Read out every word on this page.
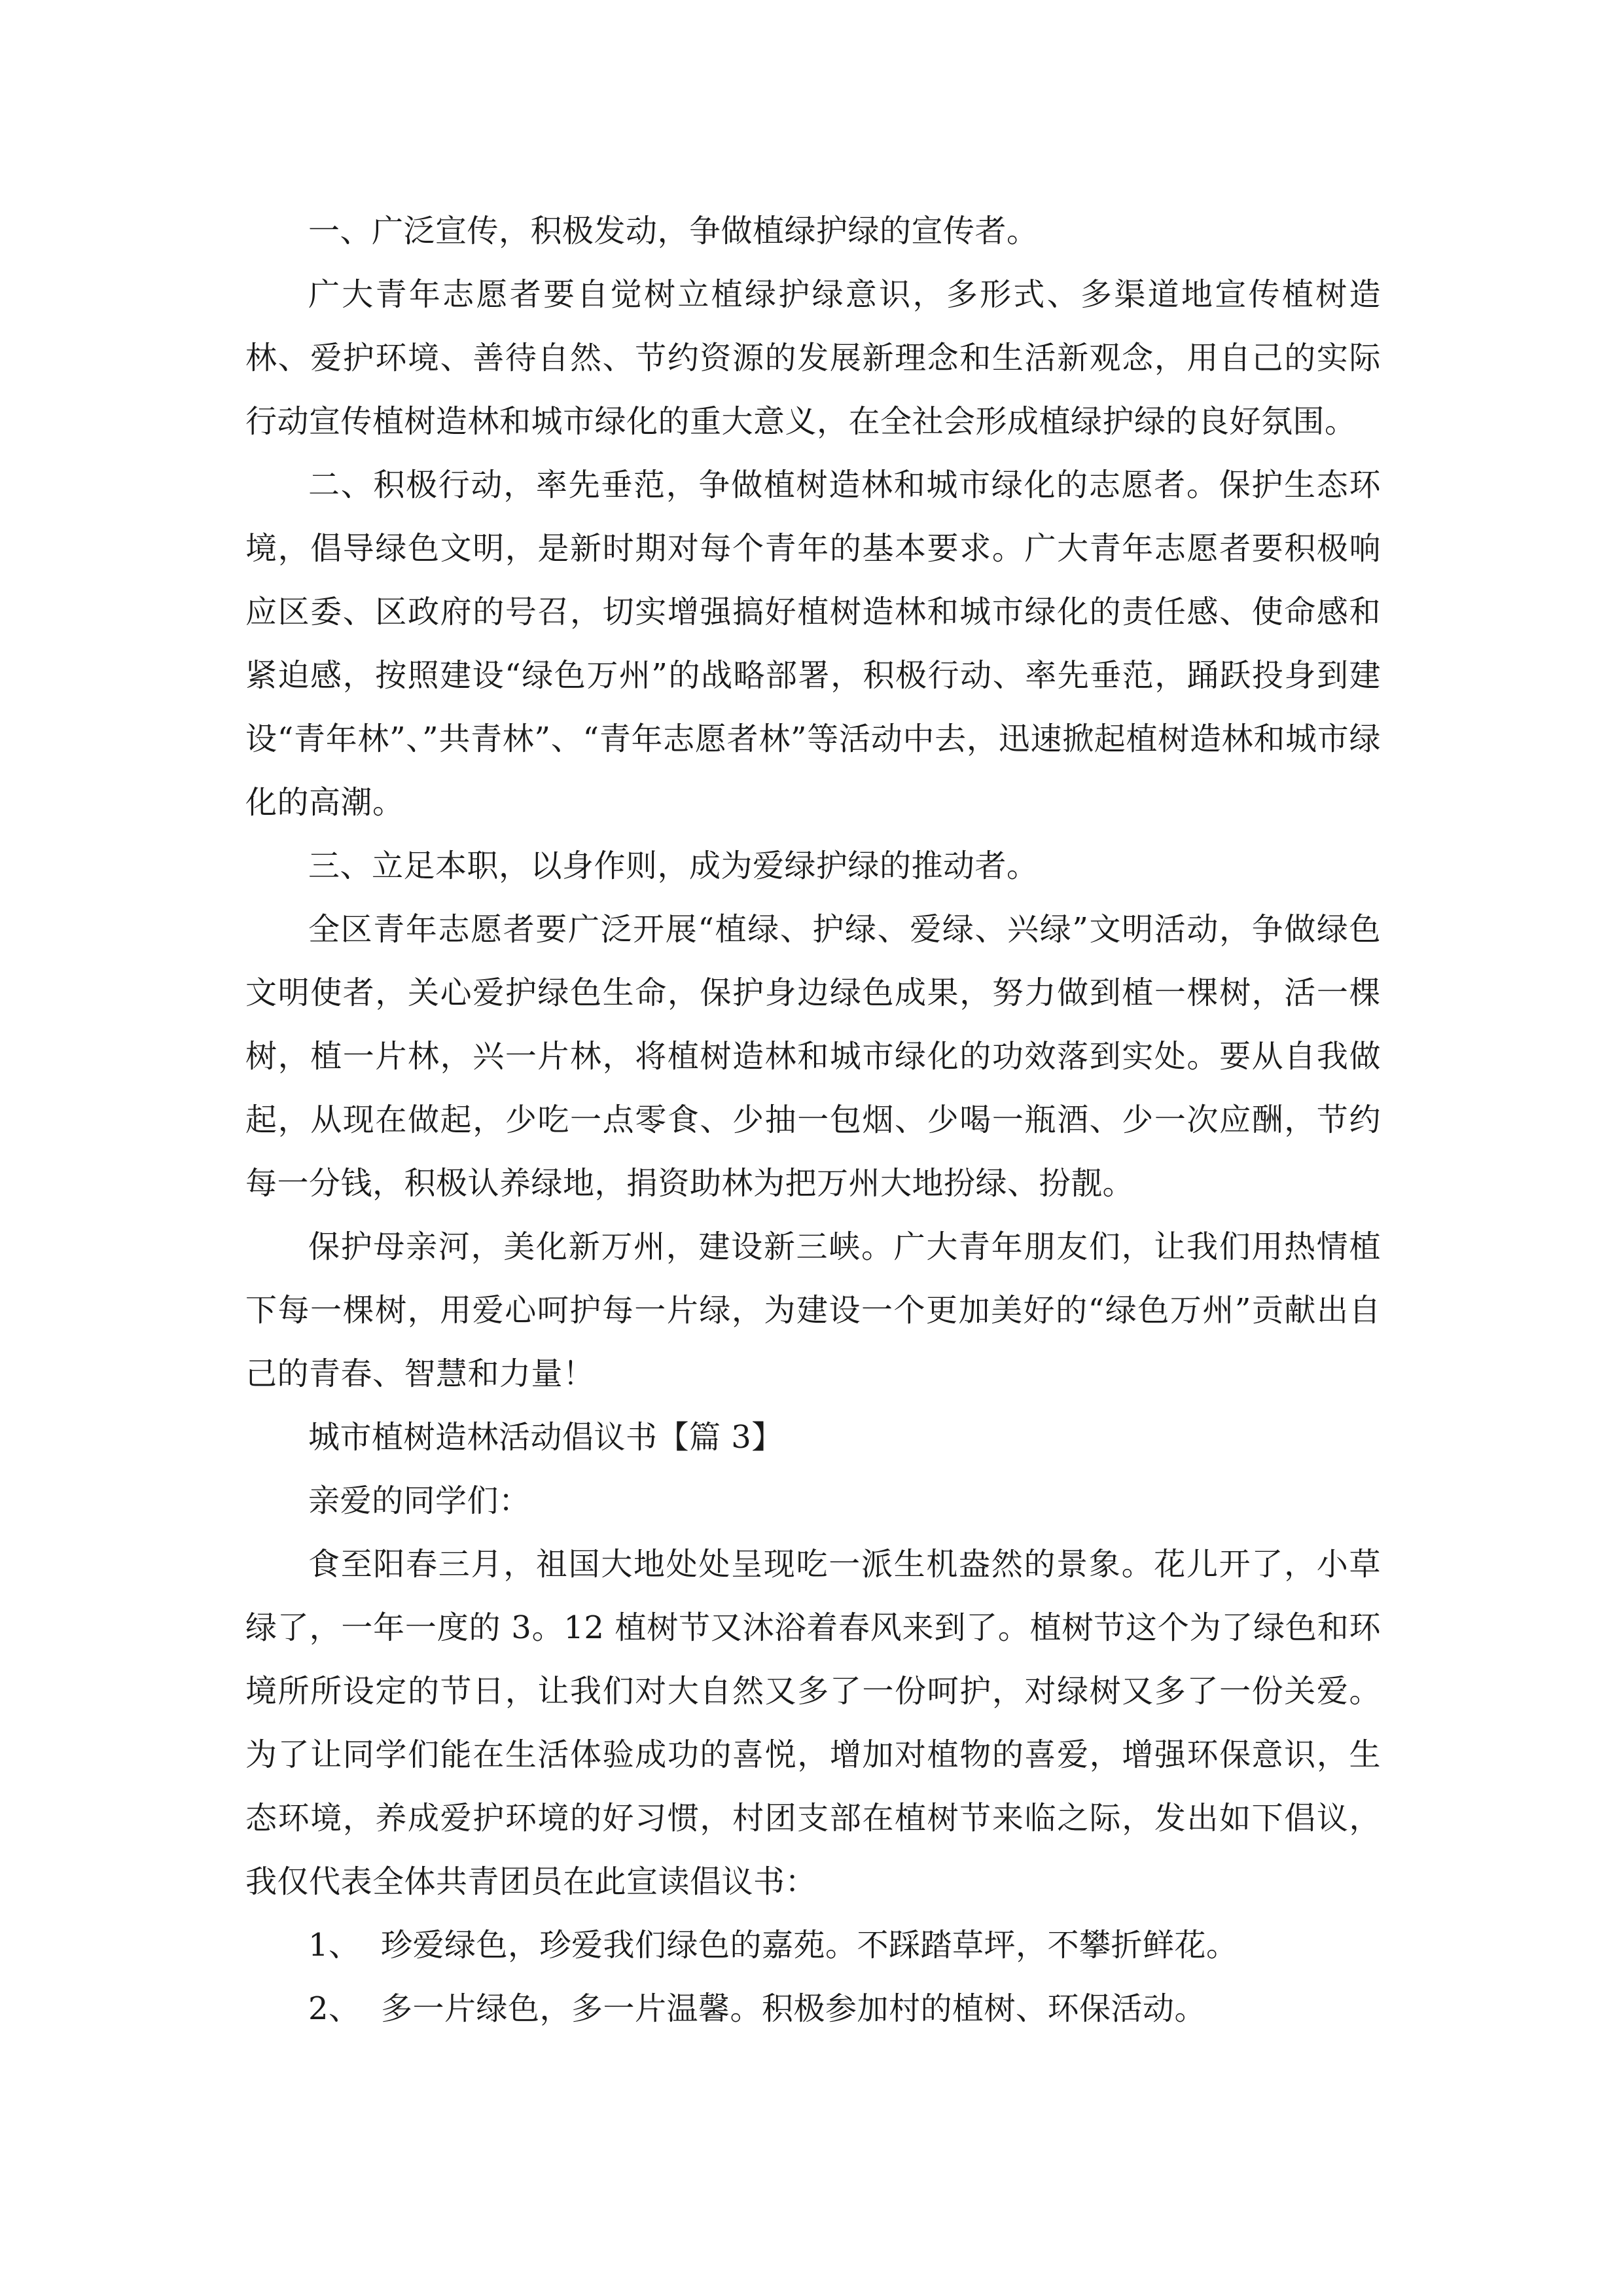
一、广泛宣传，积极发动，争做植绿护绿的宣传者。

广大青年志愿者要自觉树立植绿护绿意识，多形式、多渠道地宣传植树造林、爱护环境、善待自然、节约资源的发展新理念和生活新观念，用自己的实际行动宣传植树造林和城市绿化的重大意义，在全社会形成植绿护绿的良好氛围。

二、积极行动，率先垂范，争做植树造林和城市绿化的志愿者。保护生态环境，倡导绿色文明，是新时期对每个青年的基本要求。广大青年志愿者要积极响应区委、区政府的号召，切实增强搞好植树造林和城市绿化的责任感、使命感和紧迫感，按照建设“绿色万州”的战略部署，积极行动、率先垂范，踊跃投身到建设“青年林”、”共青林”、“青年志愿者林”等活动中去，迅速掀起植树造林和城市绿化的高潮。

三、立足本职，以身作则，成为爱绿护绿的推动者。

全区青年志愿者要广泛开展“植绿、护绿、爱绿、兴绿”文明活动，争做绿色文明使者，关心爱护绿色生命，保护身边绿色成果，努力做到植一棵树，活一棵树，植一片林，兴一片林，将植树造林和城市绿化的功效落到实处。要从自我做起，从现在做起，少吃一点零食、少抽一包烟、少喝一瓶酒、少一次应酬，节约每一分钱，积极认养绿地，捐资助林为把万州大地扮绿、扮靓。

保护母亲河，美化新万州，建设新三峡。广大青年朋友们，让我们用热情植下每一棵树，用爱心呵护每一片绿，为建设一个更加美好的“绿色万州”贡献出自己的青春、智慧和力量！

城市植树造林活动倡议书【篇 3】

亲爱的同学们：

食至阳春三月，祖国大地处处呈现吃一派生机盎然的景象。花儿开了，小草绿了，一年一度的 3。12 植树节又沐浴着春风来到了。植树节这个为了绿色和环境所所设定的节日，让我们对大自然又多了一份呵护，对绿树又多了一份关爱。为了让同学们能在生活体验成功的喜悦，增加对植物的喜爱，增强环保意识，生态环境，养成爱护环境的好习惯，村团支部在植树节来临之际，发出如下倡议，我仅代表全体共青团员在此宣读倡议书：

1、  珍爱绿色，珍爱我们绿色的嘉苑。不踩踏草坪，不攀折鲜花。

2、  多一片绿色，多一片温馨。积极参加村的植树、环保活动。
